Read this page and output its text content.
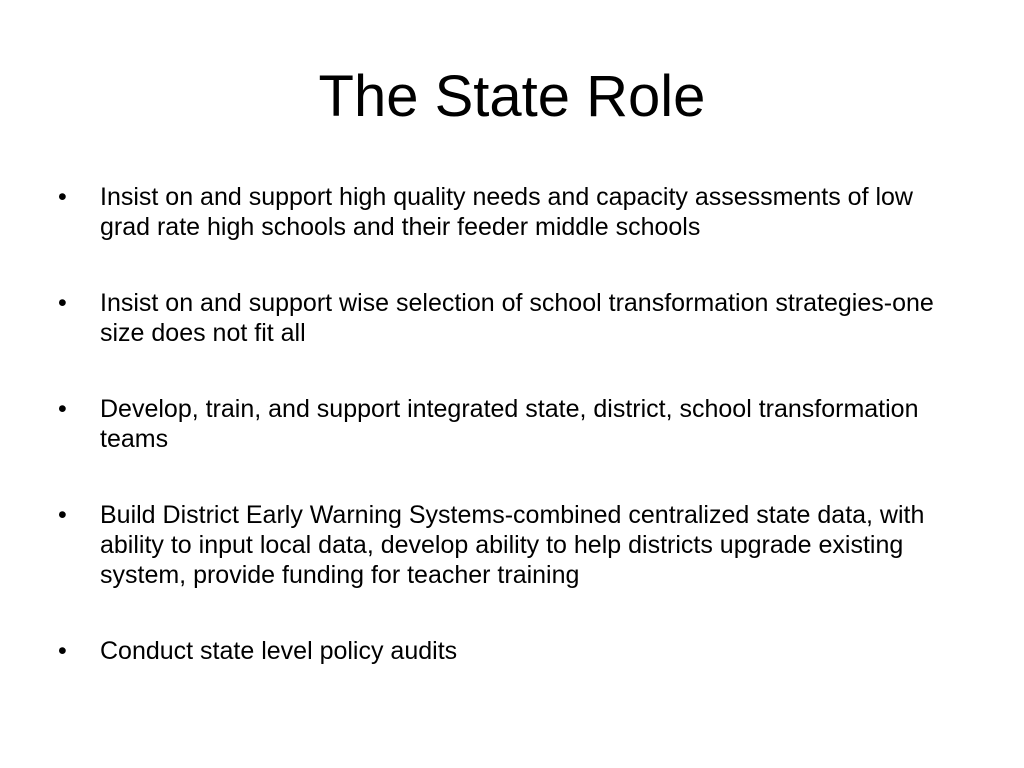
The State Role
•	Insist on and support high quality needs and capacity assessments of low grad rate high schools and their feeder middle schools
•	Insist on and support wise selection of school transformation strategies-one size does not fit all
•	Develop, train, and support integrated state, district, school transformation teams
•	Build District Early Warning Systems-combined centralized state data, with ability to input local data, develop ability to help districts upgrade existing system, provide funding for teacher training
•	Conduct state level policy audits
